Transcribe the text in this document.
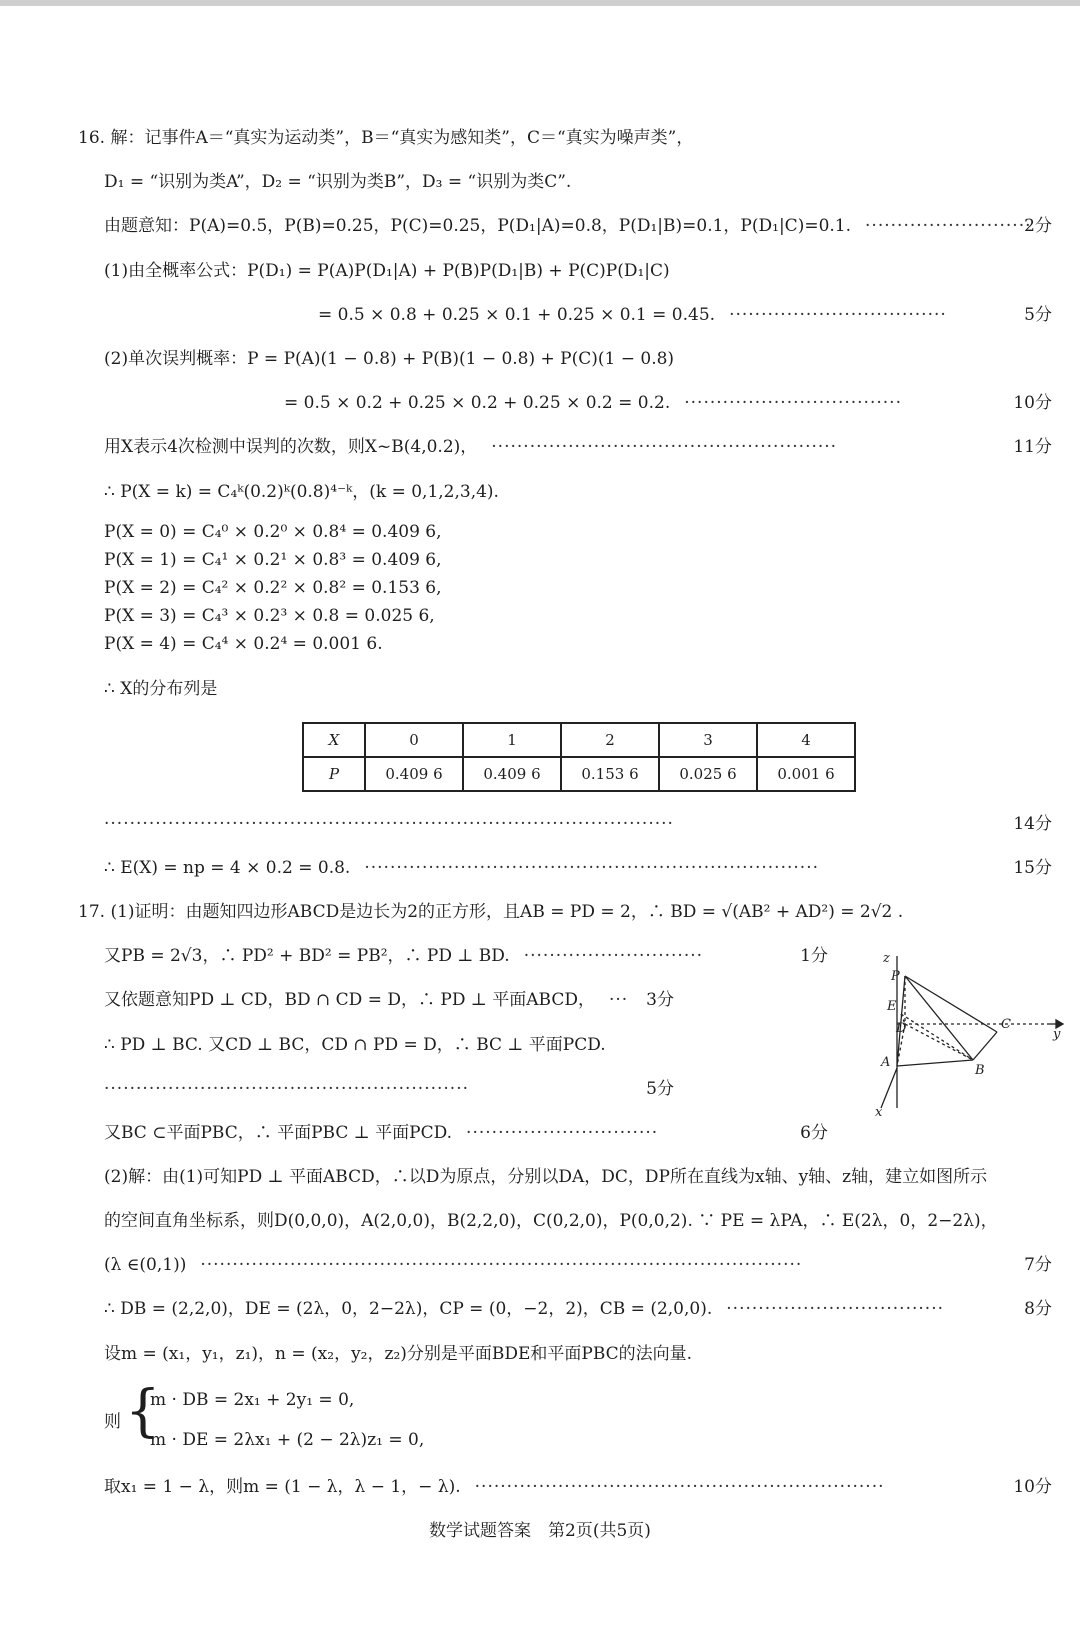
16. 解：记事件A＝“真实为运动类”，B＝“真实为感知类”，C＝“真实为噪声类”，
D₁ = “识别为类A”，D₂ = “识别为类B”，D₃ = “识别为类C”.
由题意知：P(A)=0.5，P(B)=0.25，P(C)=0.25，P(D₁|A)=0.8，P(D₁|B)=0.1，P(D₁|C)=0.1. ··························
2分
(1)由全概率公式：P(D₁) = P(A)P(D₁|A) + P(B)P(D₁|B) + P(C)P(D₁|C)
= 0.5 × 0.8 + 0.25 × 0.1 + 0.25 × 0.1 = 0.45. ··································	5分
(2)单次误判概率：P = P(A)(1 − 0.8) + P(B)(1 − 0.8) + P(C)(1 − 0.8)
= 0.5 × 0.2 + 0.25 × 0.2 + 0.25 × 0.2 = 0.2. ··································	10分
用X表示4次检测中误判的次数，则X~B(4,0.2)， ······················································	11分
∴ P(X = k) = C₄ᵏ(0.2)ᵏ(0.8)⁴⁻ᵏ，(k = 0,1,2,3,4).
P(X = 0) = C₄⁰ × 0.2⁰ × 0.8⁴ = 0.409 6,
P(X = 1) = C₄¹ × 0.2¹ × 0.8³ = 0.409 6,
P(X = 2) = C₄² × 0.2² × 0.8² = 0.153 6,
P(X = 3) = C₄³ × 0.2³ × 0.8 = 0.025 6,
P(X = 4) = C₄⁴ × 0.2⁴ = 0.001 6.
∴ X的分布列是
X	0	1	2	3	4
P	0.409 6	0.409 6	0.153 6	0.025 6	0.001 6
·························································································	14分
∴ E(X) = np = 4 × 0.2 = 0.8. ·······································································	15分
17. (1)证明：由题知四边形ABCD是边长为2的正方形，且AB = PD = 2，∴ BD = √(AB² + AD²) = 2√2 .
又PB = 2√3，∴ PD² + BD² = PB²，∴ PD ⊥ BD. ····························	1分
又依题意知PD ⊥ CD，BD ∩ CD = D，∴ PD ⊥ 平面ABCD， ··· 3分
∴ PD ⊥ BC. 又CD ⊥ BC，CD ∩ PD = D，∴ BC ⊥ 平面PCD.
·························································	5分
又BC ⊂平面PBC，∴ 平面PBC ⊥ 平面PCD. ······························	6分
(2)解：由(1)可知PD ⊥ 平面ABCD，∴以D为原点，分别以DA，DC，DP所在直线为x轴、y轴、z轴，建立如图所示
的空间直角坐标系，则D(0,0,0)，A(2,0,0)，B(2,2,0)，C(0,2,0)，P(0,0,2). ∵ PE = λPA，∴ E(2λ，0，2−2λ)，
(λ ∈(0,1)) ······························································································	7分
∴ DB = (2,2,0)，DE = (2λ，0，2−2λ)，CP = (0，−2，2)，CB = (2,0,0). ··································	8分
设m = (x₁，y₁，z₁)，n = (x₂，y₂，z₂)分别是平面BDE和平面PBC的法向量.
则 {
m · DB = 2x₁ + 2y₁ = 0,
m · DE = 2λx₁ + (2 − 2λ)z₁ = 0,
取x₁ = 1 − λ，则m = (1 − λ，λ − 1，− λ). ································································	10分
z
P
E
D	C
y
A
B
x
数学试题答案　第2页(共5页)
